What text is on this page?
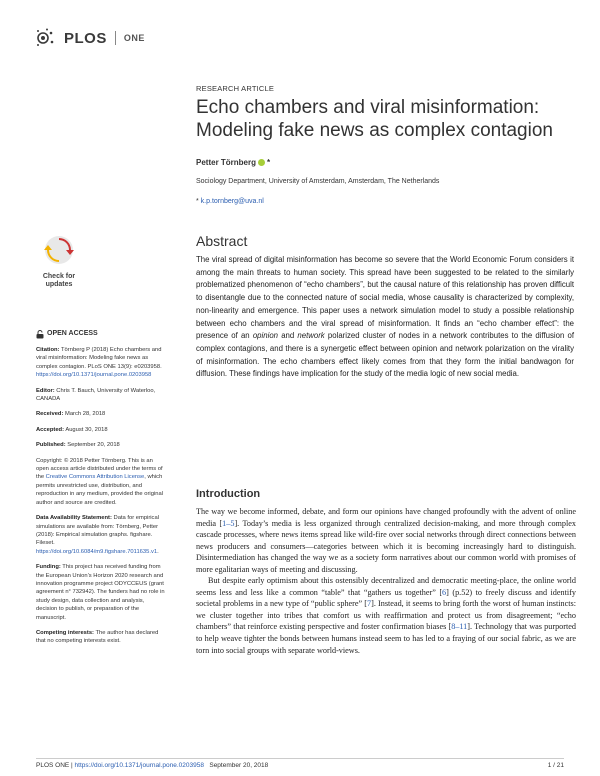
PLOS ONE
RESEARCH ARTICLE
Echo chambers and viral misinformation: Modeling fake news as complex contagion
Petter Törnberg *
Sociology Department, University of Amsterdam, Amsterdam, The Netherlands
* k.p.tornberg@uva.nl
Check for
updates
Abstract
The viral spread of digital misinformation has become so severe that the World Economic Forum considers it among the main threats to human society. This spread have been suggested to be related to the similarly problematized phenomenon of “echo chambers”, but the causal nature of this relationship has proven difficult to disentangle due to the connected nature of social media, whose causality is characterized by complexity, non-linearity and emergence. This paper uses a network simulation model to study a possible relationship between echo chambers and the viral spread of misinformation. It finds an “echo chamber effect”: the presence of an opinion and network polarized cluster of nodes in a network contributes to the diffusion of complex contagions, and there is a synergetic effect between opinion and network polarization on the virality of misinformation. The echo chambers effect likely comes from that they form the initial bandwagon for diffusion. These findings have implication for the study of the media logic of new social media.
OPEN ACCESS

Citation: Törnberg P (2018) Echo chambers and viral misinformation: Modeling fake news as complex contagion. PLoS ONE 13(9): e0203958. https://doi.org/10.1371/journal.pone.0203958

Editor: Chris T. Bauch, University of Waterloo, CANADA

Received: March 28, 2018

Accepted: August 30, 2018

Published: September 20, 2018

Copyright: © 2018 Petter Törnberg. This is an open access article distributed under the terms of the Creative Commons Attribution License, which permits unrestricted use, distribution, and reproduction in any medium, provided the original author and source are credited.

Data Availability Statement: Data for empirical simulations are available from: Törnberg, Petter (2018): Empirical simulation graphs. figshare. Fileset. https://doi.org/10.6084/m9.figshare.7011635.v1.

Funding: This project has received funding from the European Union’s Horizon 2020 research and innovation programme project ODYCCEUS (grant agreement n° 732942). The funders had no role in study design, data collection and analysis, decision to publish, or preparation of the manuscript.

Competing interests: The author has declared that no competing interests exist.

Introduction

The way we become informed, debate, and form our opinions have changed profoundly with the advent of online media [1–5]. Today’s media is less organized through centralized decision-making, and more through complex cascade processes, where news items spread like wild-fire over social networks through direct connections between news producers and consumers—categories between which it is becoming increasingly hard to distinguish. Disintermediation has changed the way we as a society form narratives about our common world with promises of more egalitarian ways of meeting and discussing.

But despite early optimism about this ostensibly decentralized and democratic meeting-place, the online world seems less and less like a common “table” that “gathers us together” [6] (p.52) to freely discuss and identify societal problems in a new type of “public sphere” [7]. Instead, it seems to bring forth the worst of human instincts: we cluster together into tribes that comfort us with reaffirmation and protect us from disagreement; “echo chambers” that reinforce existing perspective and foster confirmation biases [8–11]. Technology that was purported to help weave tighter the bonds between humans instead seem to has led to a fraying of our social fabric, as we are torn into social groups with separate world-views.

PLOS ONE | https://doi.org/10.1371/journal.pone.0203958 September 20, 2018	1 / 21
